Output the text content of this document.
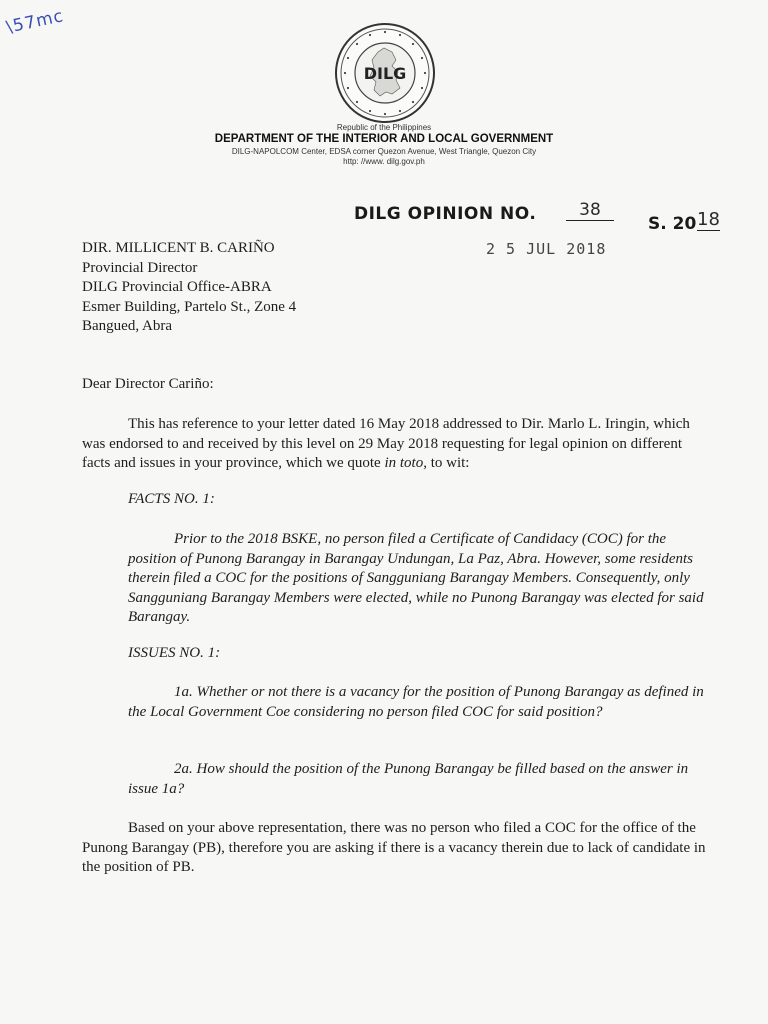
\57mc
DILG
Republic of the Philippines
DEPARTMENT OF THE INTERIOR AND LOCAL GOVERNMENT
DILG-NAPOLCOM Center, EDSA corner Quezon Avenue, West Triangle, Quezon City
http: //www. dilg.gov.ph
DILG OPINION NO.	38
S. 20 18
2 5 JUL 2018
DIR. MILLICENT B. CARIÑO
Provincial Director
DILG Provincial Office-ABRA
Esmer Building, Partelo St., Zone 4
Bangued, Abra
Dear Director Cariño:
This has reference to your letter dated 16 May 2018 addressed to Dir. Marlo L. Iringin, which was endorsed to and received by this level on 29 May 2018 requesting for legal opinion on different facts and issues in your province, which we quote in toto, to wit:
FACTS NO. 1:
Prior to the 2018 BSKE, no person filed a Certificate of Candidacy (COC) for the position of Punong Barangay in Barangay Undungan, La Paz, Abra. However, some residents therein filed a COC for the positions of Sangguniang Barangay Members. Consequently, only Sangguniang Barangay Members were elected, while no Punong Barangay was elected for said Barangay.
ISSUES NO. 1:
1a. Whether or not there is a vacancy for the position of Punong Barangay as defined in the Local Government Coe considering no person filed COC for said position?
2a. How should the position of the Punong Barangay be filled based on the answer in issue 1a?
Based on your above representation, there was no person who filed a COC for the office of the Punong Barangay (PB), therefore you are asking if there is a vacancy therein due to lack of candidate in the position of PB.
